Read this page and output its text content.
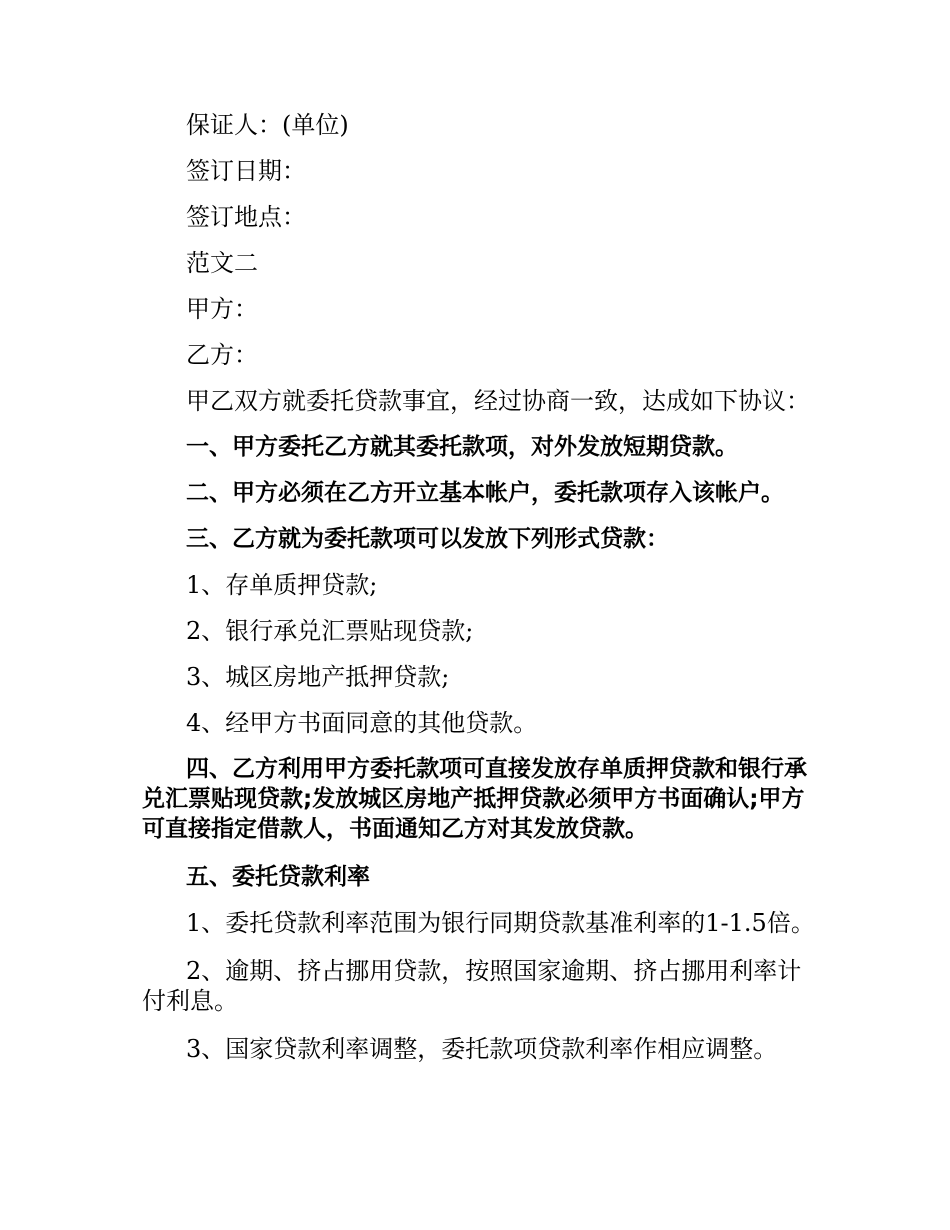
保证人：(单位)

签订日期：

签订地点：

范文二

甲方：

乙方：

甲乙双方就委托贷款事宜，经过协商一致，达成如下协议：

一、甲方委托乙方就其委托款项，对外发放短期贷款。

二、甲方必须在乙方开立基本帐户，委托款项存入该帐户。

三、乙方就为委托款项可以发放下列形式贷款：

1、存单质押贷款;

2、银行承兑汇票贴现贷款;

3、城区房地产抵押贷款;

4、经甲方书面同意的其他贷款。

四、乙方利用甲方委托款项可直接发放存单质押贷款和银行承兑汇票贴现贷款;发放城区房地产抵押贷款必须甲方书面确认;甲方可直接指定借款人，书面通知乙方对其发放贷款。

五、委托贷款利率

1、委托贷款利率范围为银行同期贷款基准利率的1-1.5倍。

2、逾期、挤占挪用贷款，按照国家逾期、挤占挪用利率计付利息。

3、国家贷款利率调整，委托款项贷款利率作相应调整。
